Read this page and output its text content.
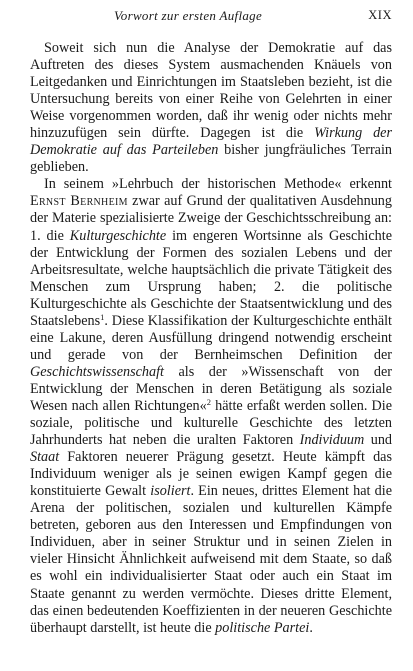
Vorwort zur ersten Auflage	XIX

Soweit sich nun die Analyse der Demokratie auf das Auftreten des dieses System ausmachenden Knäuels von Leitgedanken und Einrichtungen im Staatsleben bezieht, ist die Untersuchung bereits von einer Reihe von Gelehrten in einer Weise vorgenommen worden, daß ihr wenig oder nichts mehr hinzuzufügen sein dürfte. Dagegen ist die Wirkung der Demokratie auf das Parteileben bisher jungfräuliches Terrain geblieben.

In seinem »Lehrbuch der historischen Methode« erkennt Ernst Bernheim zwar auf Grund der qualitativen Ausdehnung der Materie spezialisierte Zweige der Geschichtsschreibung an: 1. die Kulturgeschichte im engeren Wortsinne als Geschichte der Entwicklung der Formen des sozialen Lebens und der Arbeitsresultate, welche hauptsächlich die private Tätigkeit des Menschen zum Ursprung haben; 2. die politische Kulturgeschichte als Geschichte der Staatsentwicklung und des Staatslebens$^1$. Diese Klassifikation der Kulturgeschichte enthält eine Lakune, deren Ausfüllung dringend notwendig erscheint und gerade von der Bernheimschen Definition der Geschichtswissenschaft als der »Wissenschaft von der Entwicklung der Menschen in deren Betätigung als soziale Wesen nach allen Richtungen«$^2$ hätte erfaßt werden sollen. Die soziale, politische und kulturelle Geschichte des letzten Jahrhunderts hat neben die uralten Faktoren Individuum und Staat Faktoren neuerer Prägung gesetzt. Heute kämpft das Individuum weniger als je seinen ewigen Kampf gegen die konstituierte Gewalt isoliert. Ein neues, drittes Element hat die Arena der politischen, sozialen und kulturellen Kämpfe betreten, geboren aus den Interessen und Empfindungen von Individuen, aber in seiner Struktur und in seinen Zielen in vieler Hinsicht Ähnlichkeit aufweisend mit dem Staate, so daß es wohl ein individualisierter Staat oder auch ein Staat im Staate genannt zu werden vermöchte. Dieses dritte Element, das einen bedeutenden Koeffizienten in der neueren Geschichte überhaupt darstellt, ist heute die politische Partei.
